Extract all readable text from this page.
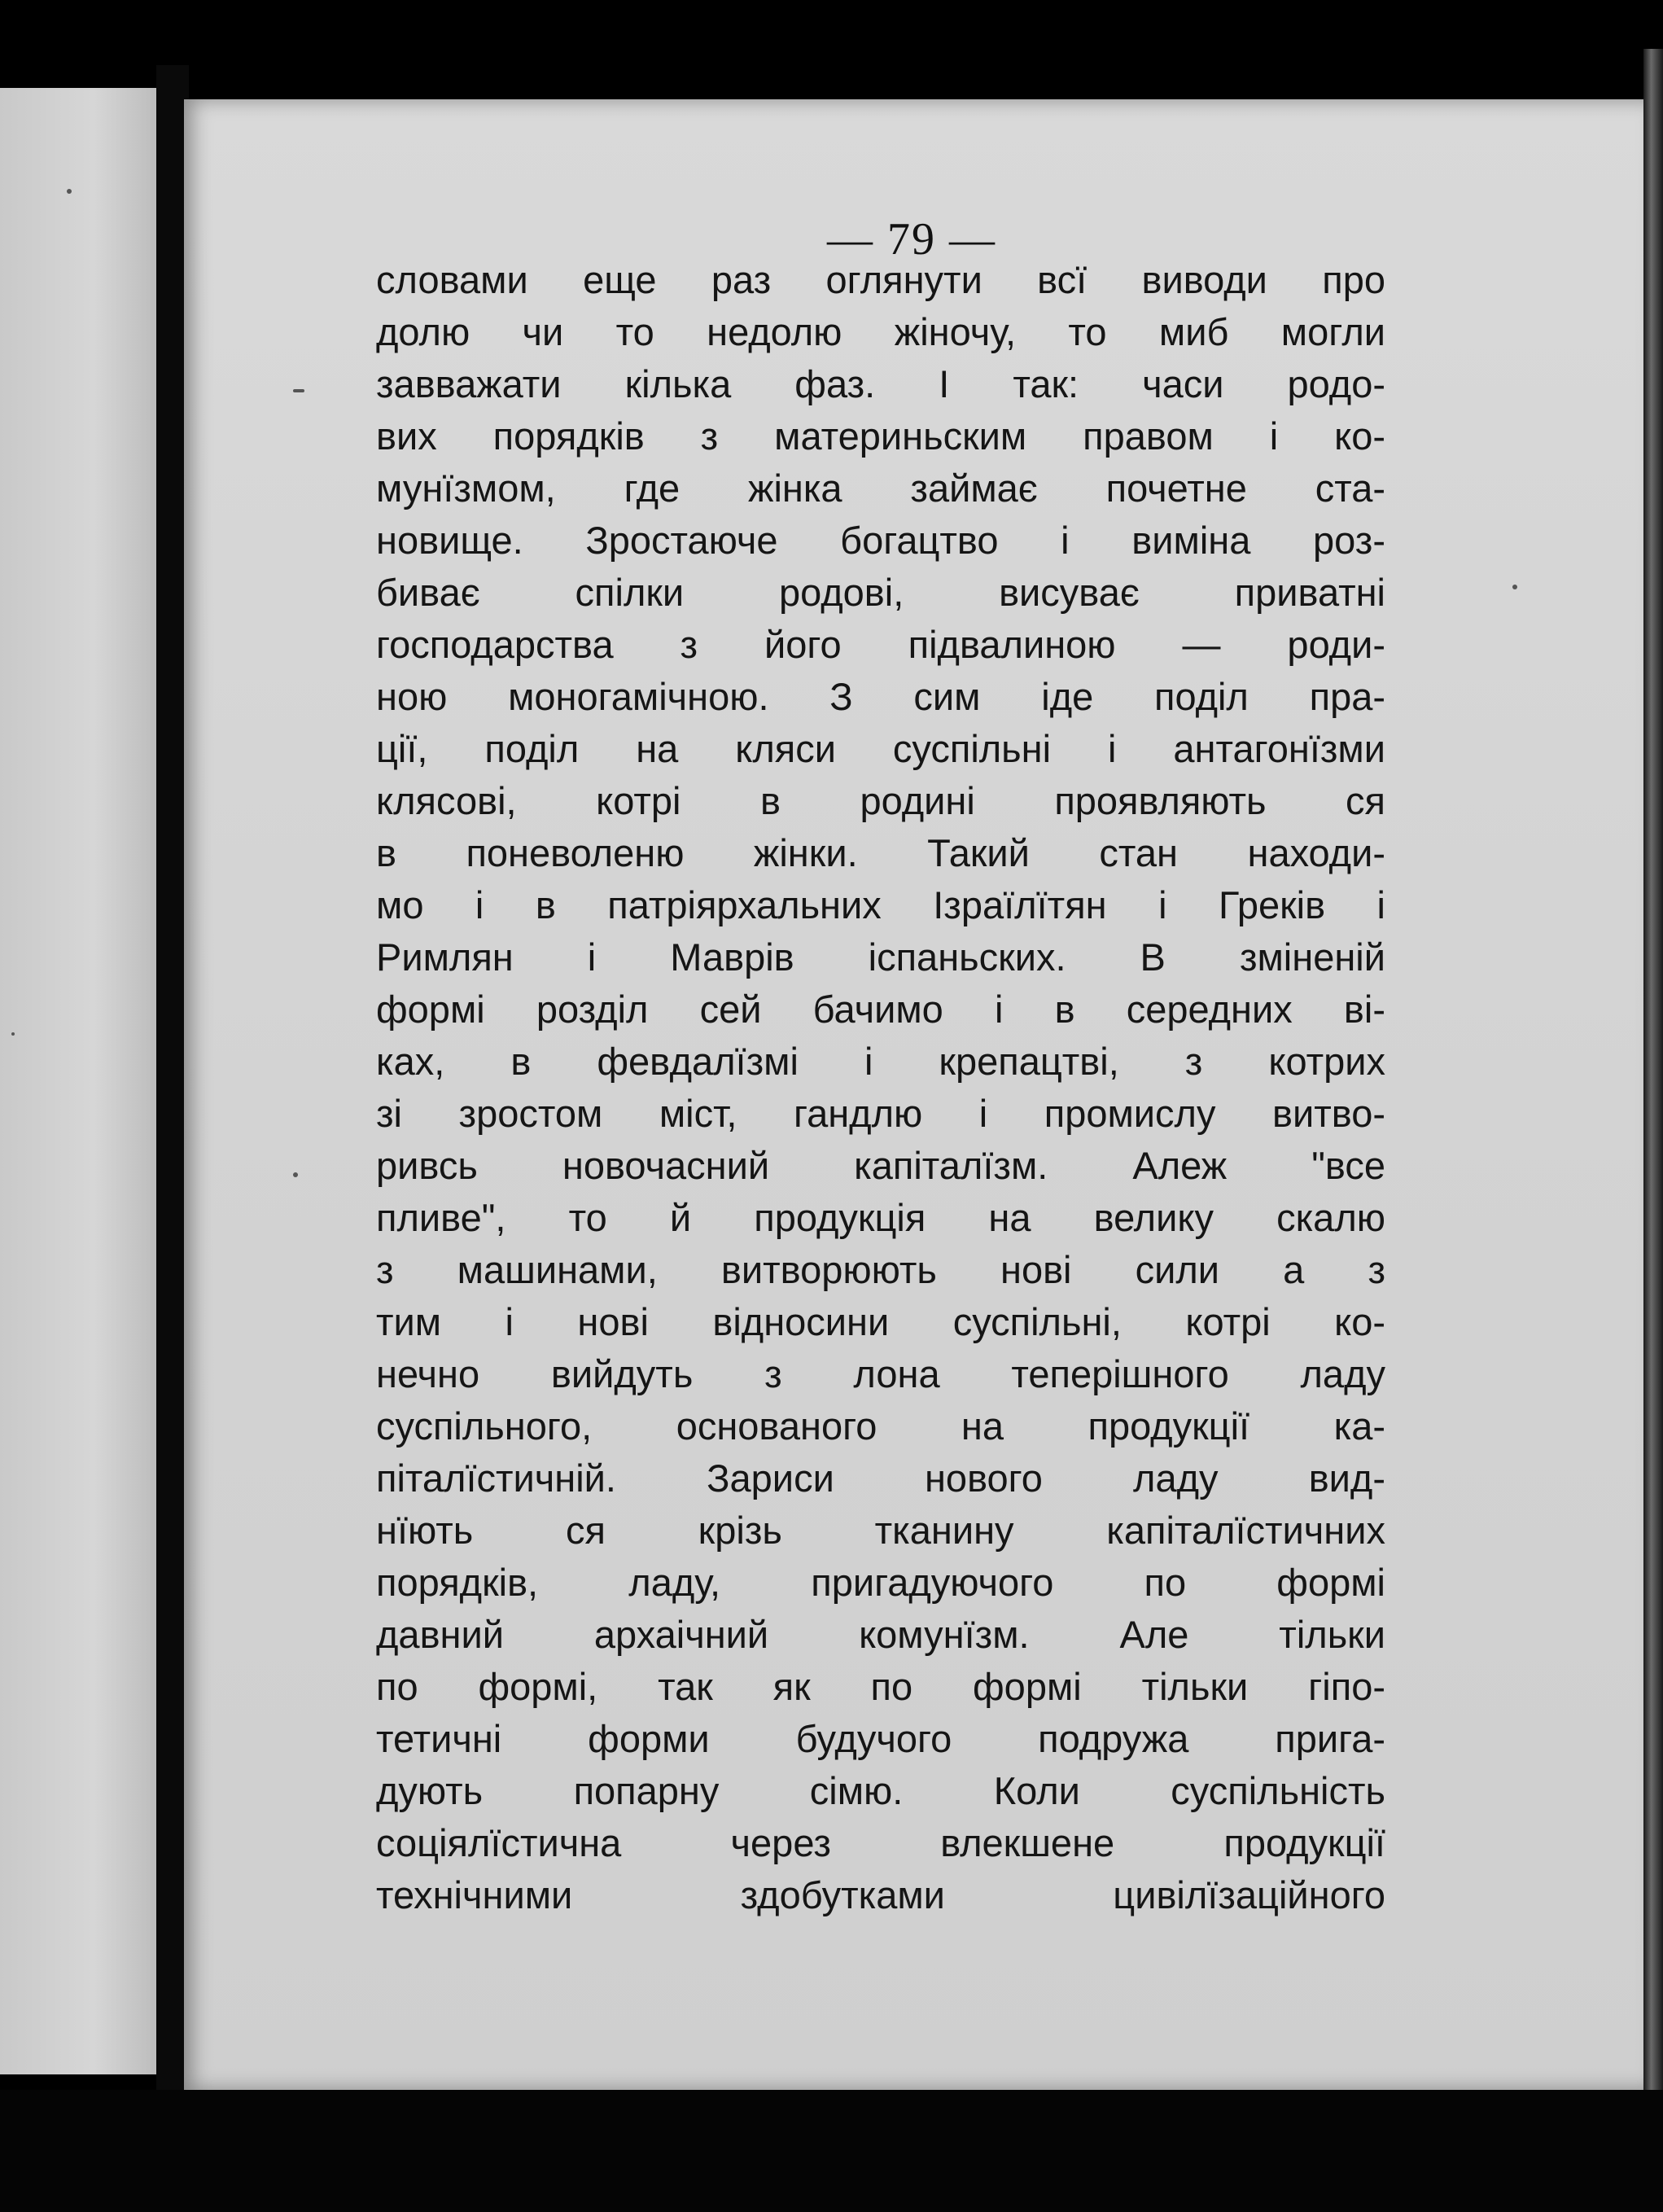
— 79 —
словами еще раз оглянути всї виводи про
долю чи то недолю жіночу, то миб могли
завважати кілька фаз. І так: часи родо-
вих порядків з материньским правом і ко-
мунїзмом, где жінка займає почетне ста-
новище. Зростаюче богацтво і виміна роз-
биває спілки родові, висуває приватні
господарства з його підвалиною — роди-
ною моногамічною. З сим іде поділ пра-
ції, поділ на кляси суспільні і антагонїзми
клясові, котрі в родині проявляють ся
в поневоленю жінки. Такий стан находи-
мо і в патріярхальних Ізраїлїтян і Греків і
Римлян і Маврів іспаньских. В зміненій
формі розділ сей бачимо і в середних ві-
ках, в февдалїзмі і крепацтві, з котрих
зі зростом міст, гандлю і промислу витво-
ривсь новочасний капіталїзм. Алеж "все
пливе", то й продукція на велику скалю
з машинами, витворюють нові сили а з
тим і нові відносини суспільні, котрі ко-
нечно вийдуть з лона теперішного ладу
суспільного, основаного на продукції ка-
піталїстичній. Зариси нового ладу вид-
нїють ся крізь тканину капіталїстичних
порядків, ладу, пригадуючого по формі
давний архаічний комунїзм. Але тільки
по формі, так як по формі тільки гіпо-
тетичні форми будучого подружа прига-
дують попарну сімю. Коли суспільність
соціялїстична через влекшене продукції
технічними здобутками цивілїзаційного
